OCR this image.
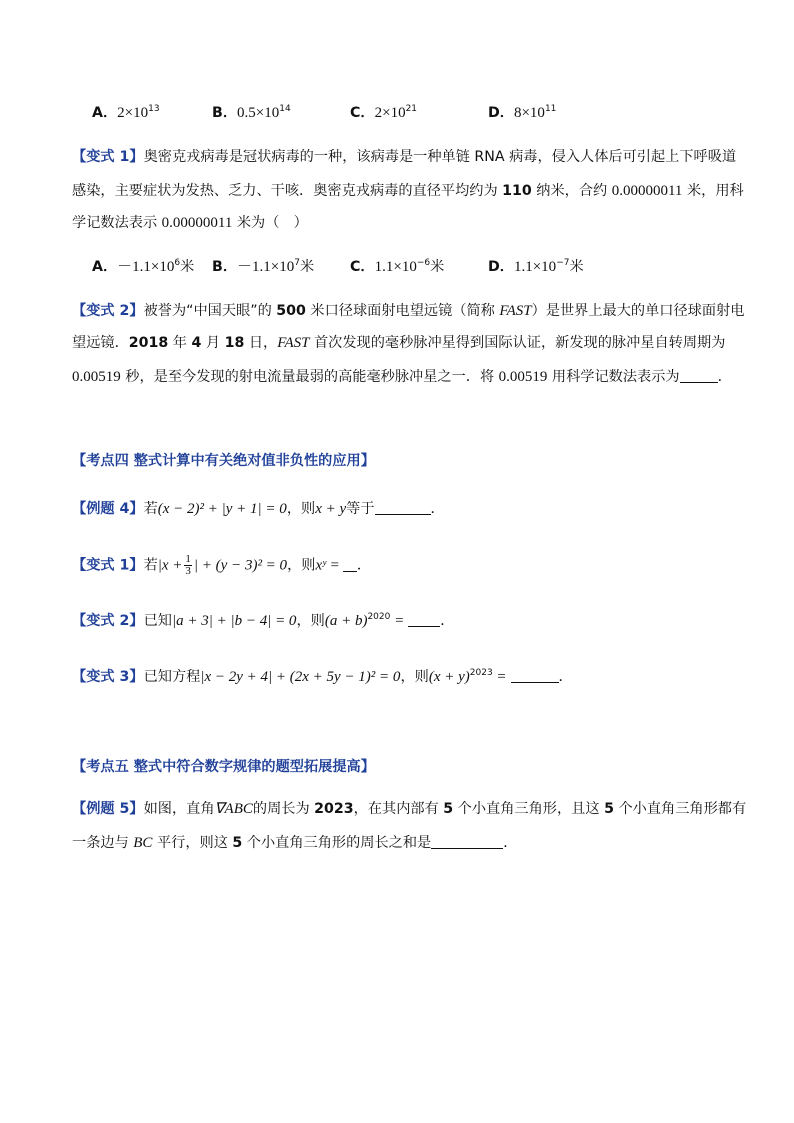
A．$2\times 10^{13}$	B．$0.5\times 10^{14}$	C．$2\times 10^{21}$	D．$8\times 10^{11}$
【变式 1】奥密克戎病毒是冠状病毒的一种，该病毒是一种单链 RNA 病毒，侵入人体后可引起上下呼吸道
感染，主要症状为发热、乏力、干咳．奥密克戎病毒的直径平均约为 110 纳米，合约 0.00000011 米，用科
学记数法表示 0.00000011 米为（　）
A．$-1.1\times 10^6$米 B．$-1.1\times 10^7$米	C．$1.1\times 10^{-6}$米	D．$1.1\times 10^{-7}$米
【变式 2】被誉为“中国天眼”的 500 米口径球面射电望远镜（简称 FAST）是世界上最大的单口径球面射电
望远镜．2018 年 4 月 18 日，FAST 首次发现的毫秒脉冲星得到国际认证，新发现的脉冲星自转周期为
0.00519 秒，是至今发现的射电流量最弱的高能毫秒脉冲星之一．将 0.00519 用科学记数法表示为	．
【考点四 整式计算中有关绝对值非负性的应用】
【例题 4】若(x − 2)² + |y + 1| = 0，则x + y等于	．
【变式 1】若$|x + \frac{1}{3}$ | + (y − 3)² = 0，则xʸ = ．
【变式 2】已知|a + 3| + |b − 4| = 0，则$(a + b)^{2020}$ =	．
【变式 3】已知方程|x − 2y + 4| + (2x + 5y − 1)² = 0，则$(x + y)^{2023}$ =	．
【考点五 整式中符合数字规律的题型拓展提高】
【例题 5】如图，直角∇ABC的周长为 2023，在其内部有 5 个小直角三角形，且这 5 个小直角三角形都有
一条边与 BC 平行，则这 5 个小直角三角形的周长之和是	．
